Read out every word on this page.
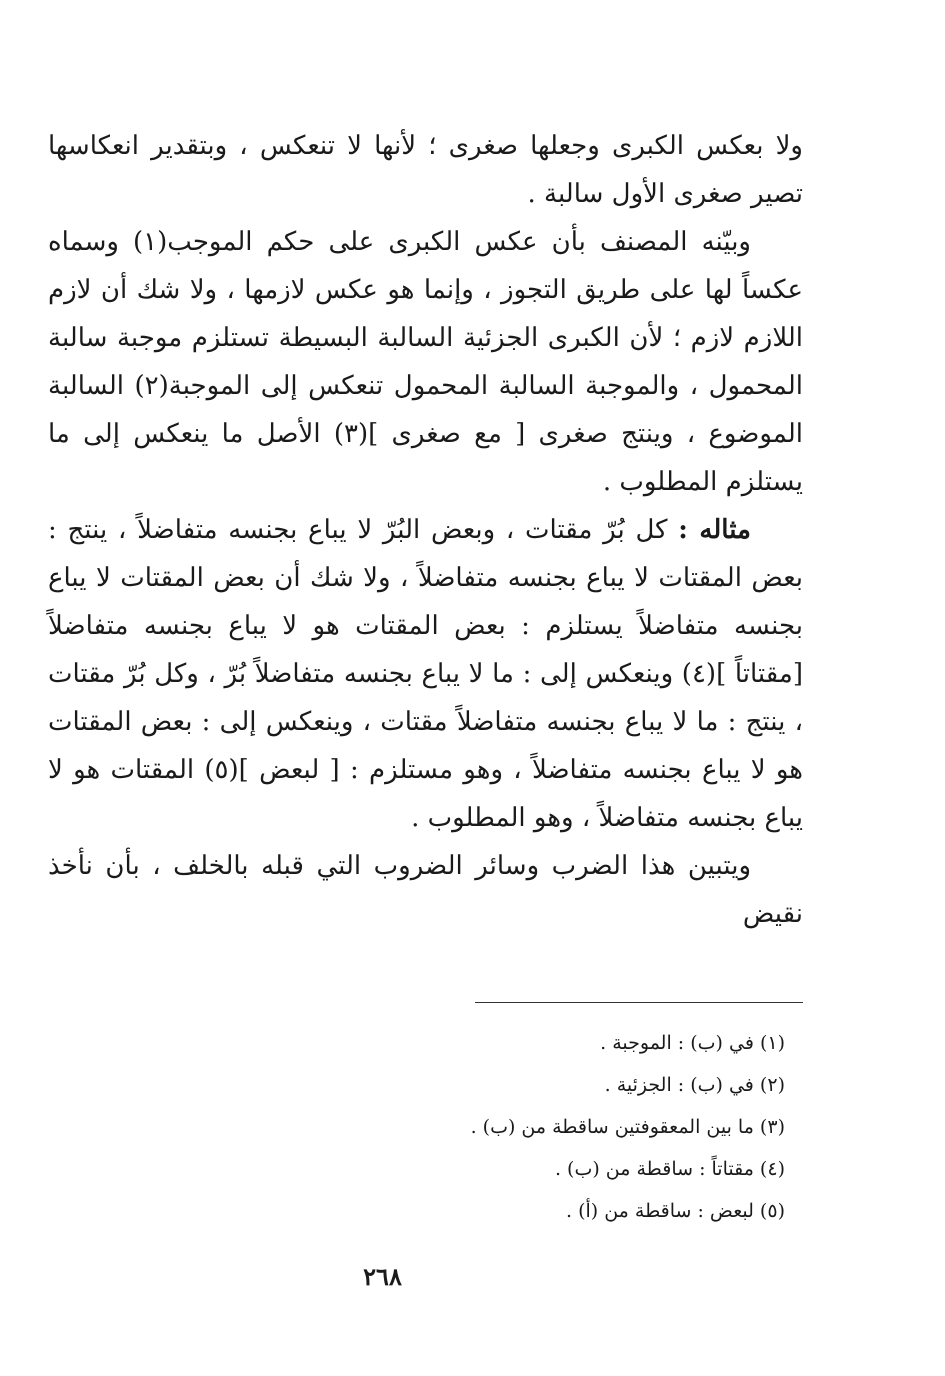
ولا بعكس الكبرى وجعلها صغرى ؛ لأنها لا تنعكس ، وبتقدير انعكاسها تصير صغرى الأول سالبة .

وبيّنه المصنف بأن عكس الكبرى على حكم الموجب(١) وسماه عكساً لها على طريق التجوز ، وإنما هو عكس لازمها ، ولا شك أن لازم اللازم لازم ؛ لأن الكبرى الجزئية السالبة البسيطة تستلزم موجبة سالبة المحمول ، والموجبة السالبة المحمول تنعكس إلى الموجبة(٢) السالبة الموضوع ، وينتج صغرى [ مع صغرى ](٣) الأصل ما ينعكس إلى ما يستلزم المطلوب .

مثاله : كل بُرّ مقتات ، وبعض البُرّ لا يباع بجنسه متفاضلاً ، ينتج : بعض المقتات لا يباع بجنسه متفاضلاً ، ولا شك أن بعض المقتات لا يباع بجنسه متفاضلاً يستلزم : بعض المقتات هو لا يباع بجنسه متفاضلاً [مقتاتاً ](٤) وينعكس إلى : ما لا يباع بجنسه متفاضلاً بُرّ ، وكل بُرّ مقتات ، ينتج : ما لا يباع بجنسه متفاضلاً مقتات ، وينعكس إلى : بعض المقتات هو لا يباع بجنسه متفاضلاً ، وهو مستلزم : [ لبعض ](٥) المقتات هو لا يباع بجنسه متفاضلاً ، وهو المطلوب .

ويتبين هذا الضرب وسائر الضروب التي قبله بالخلف ، بأن نأخذ نقيض

(١) في (ب) : الموجبة .

(٢) في (ب) : الجزئية .

(٣) ما بين المعقوفتين ساقطة من (ب) .

(٤) مقتاتاً : ساقطة من (ب) .

(٥) لبعض : ساقطة من (أ) .

٢٦٨
